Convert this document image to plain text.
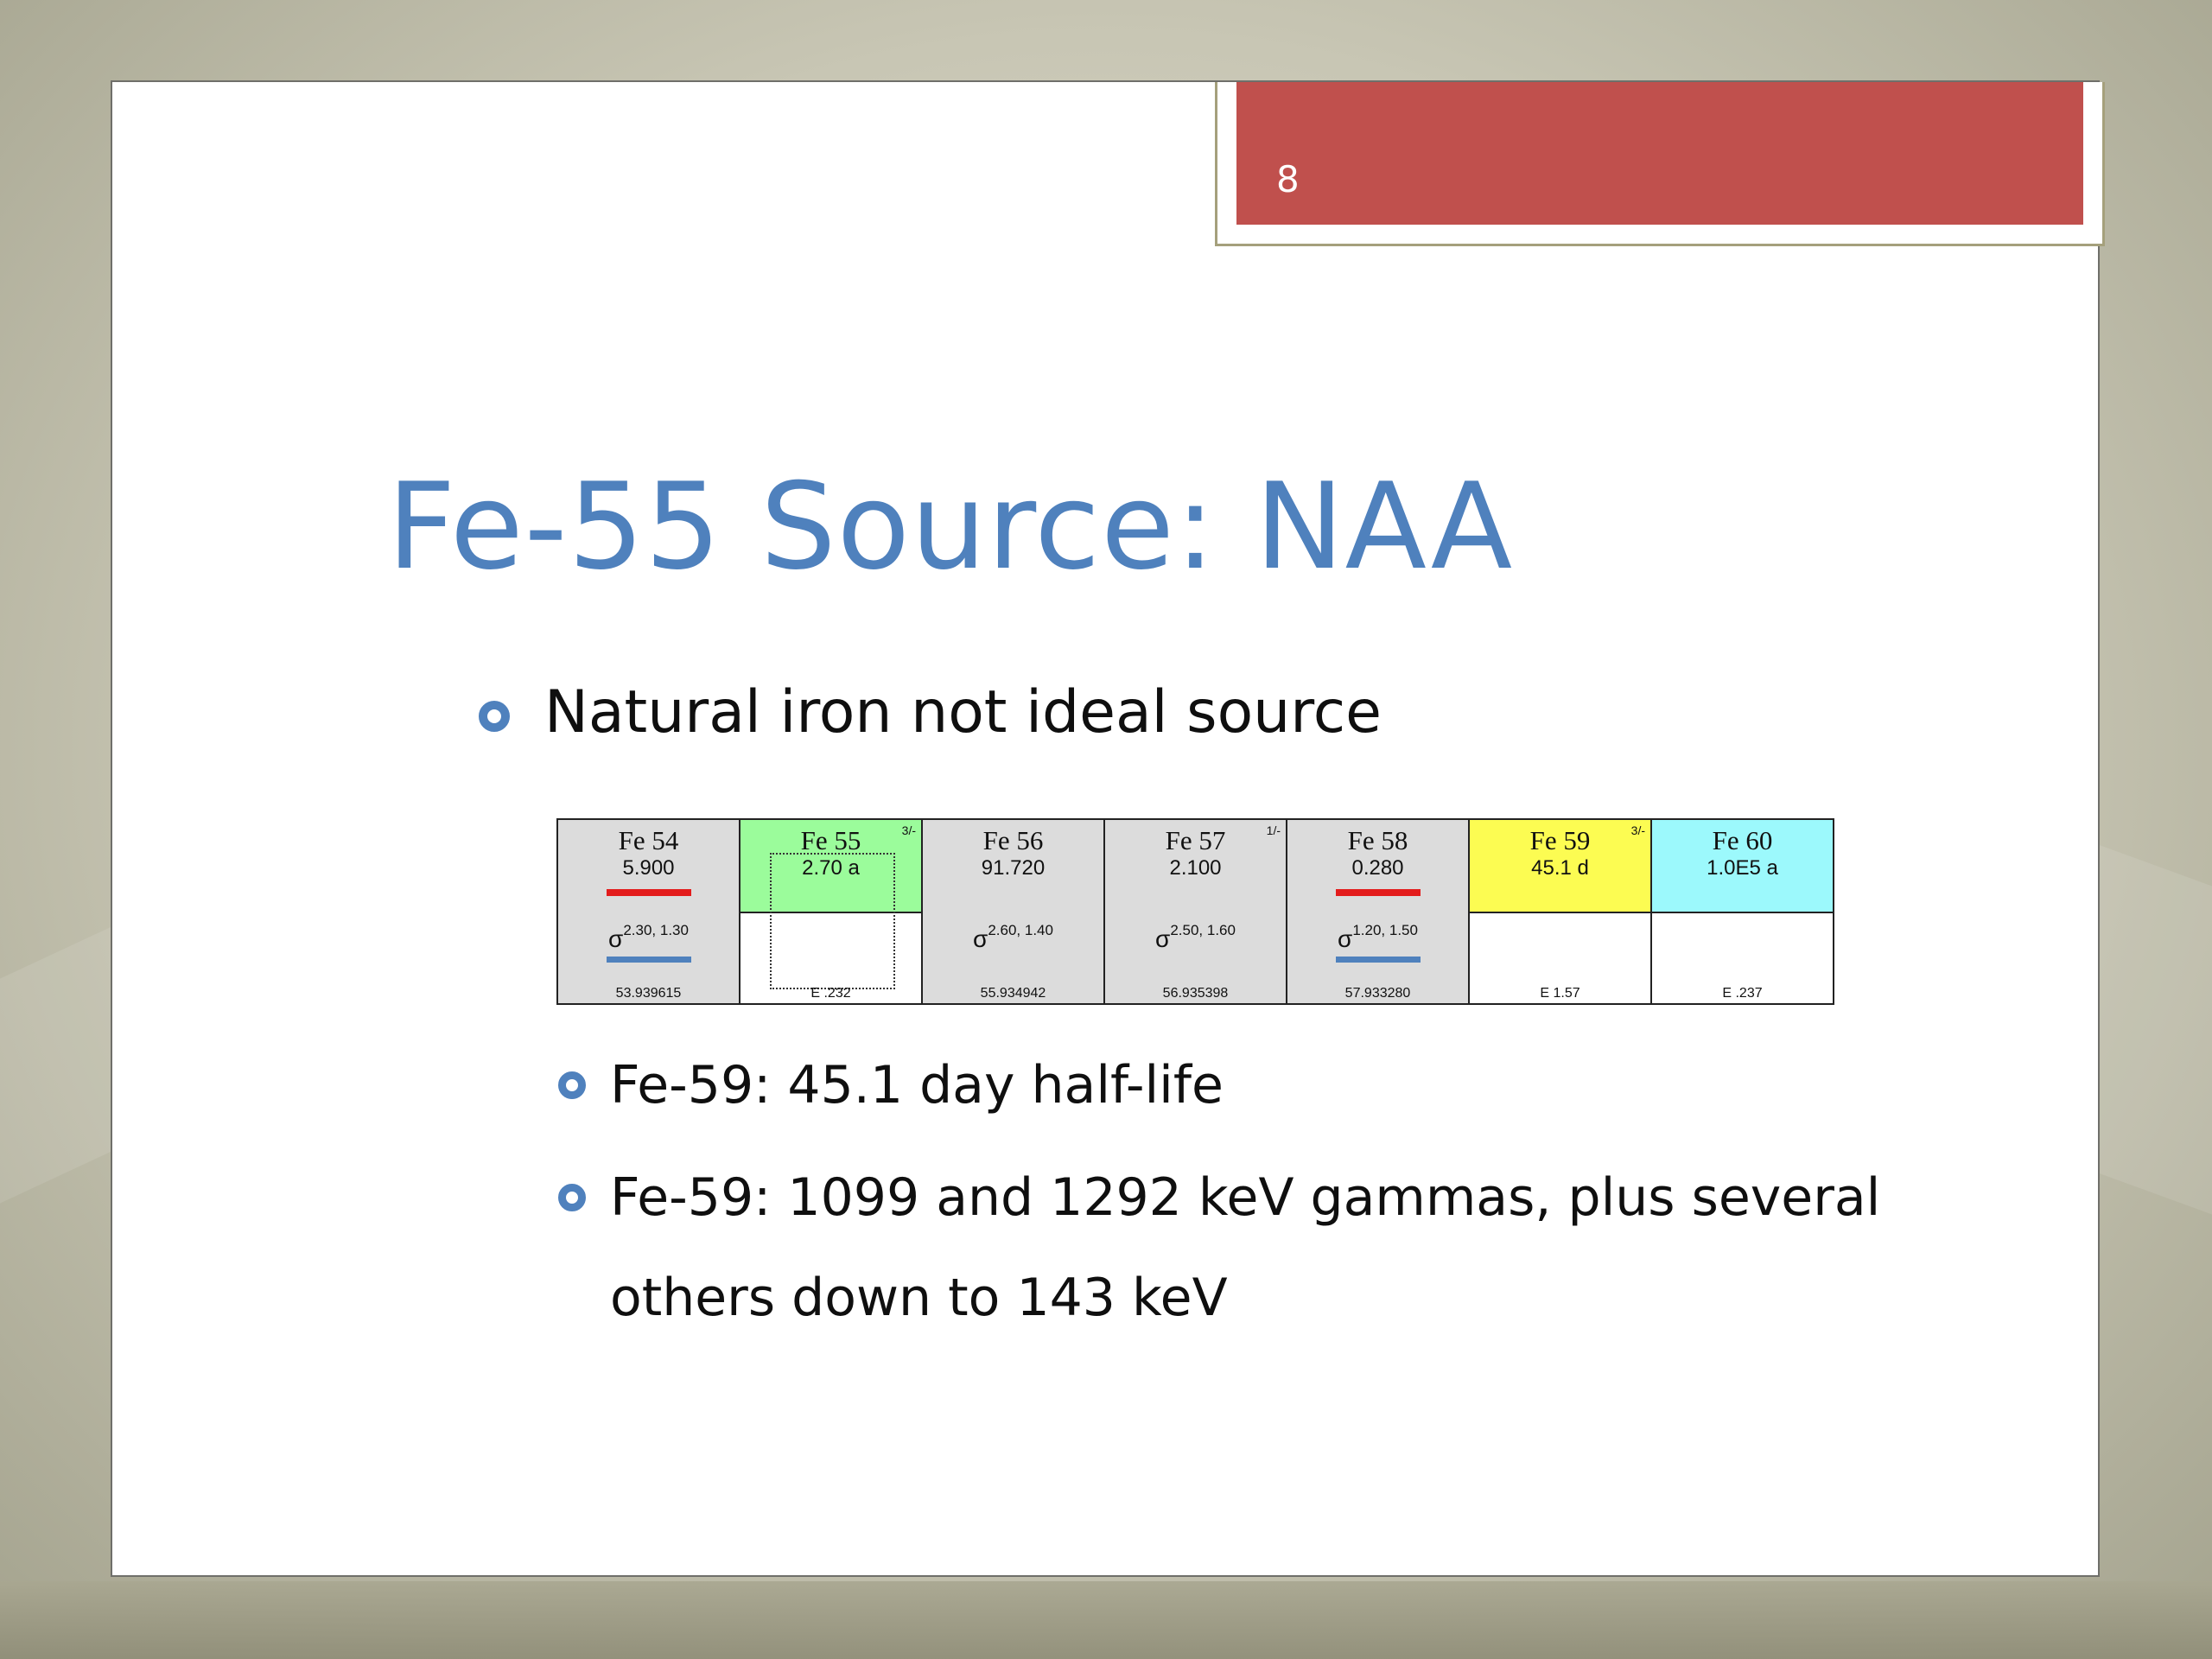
8
Fe-55 Source: NAA
Natural iron not ideal source
Fe 54
5.900
$\sigma^{2.30, 1.30}$
53.939615
Fe 55
2.70 a
3/-
E .232
Fe 56
91.720
$\sigma^{2.60, 1.40}$
55.934942
Fe 57
2.100
1/-
$\sigma^{2.50, 1.60}$
56.935398
Fe 58
0.280
$\sigma^{1.20, 1.50}$
57.933280
Fe 59
45.1 d
3/-
E 1.57
Fe 60
1.0E5 a
E .237
Fe-59: 45.1 day half-life
Fe-59: 1099 and 1292 keV gammas, plus several others down to 143 keV
